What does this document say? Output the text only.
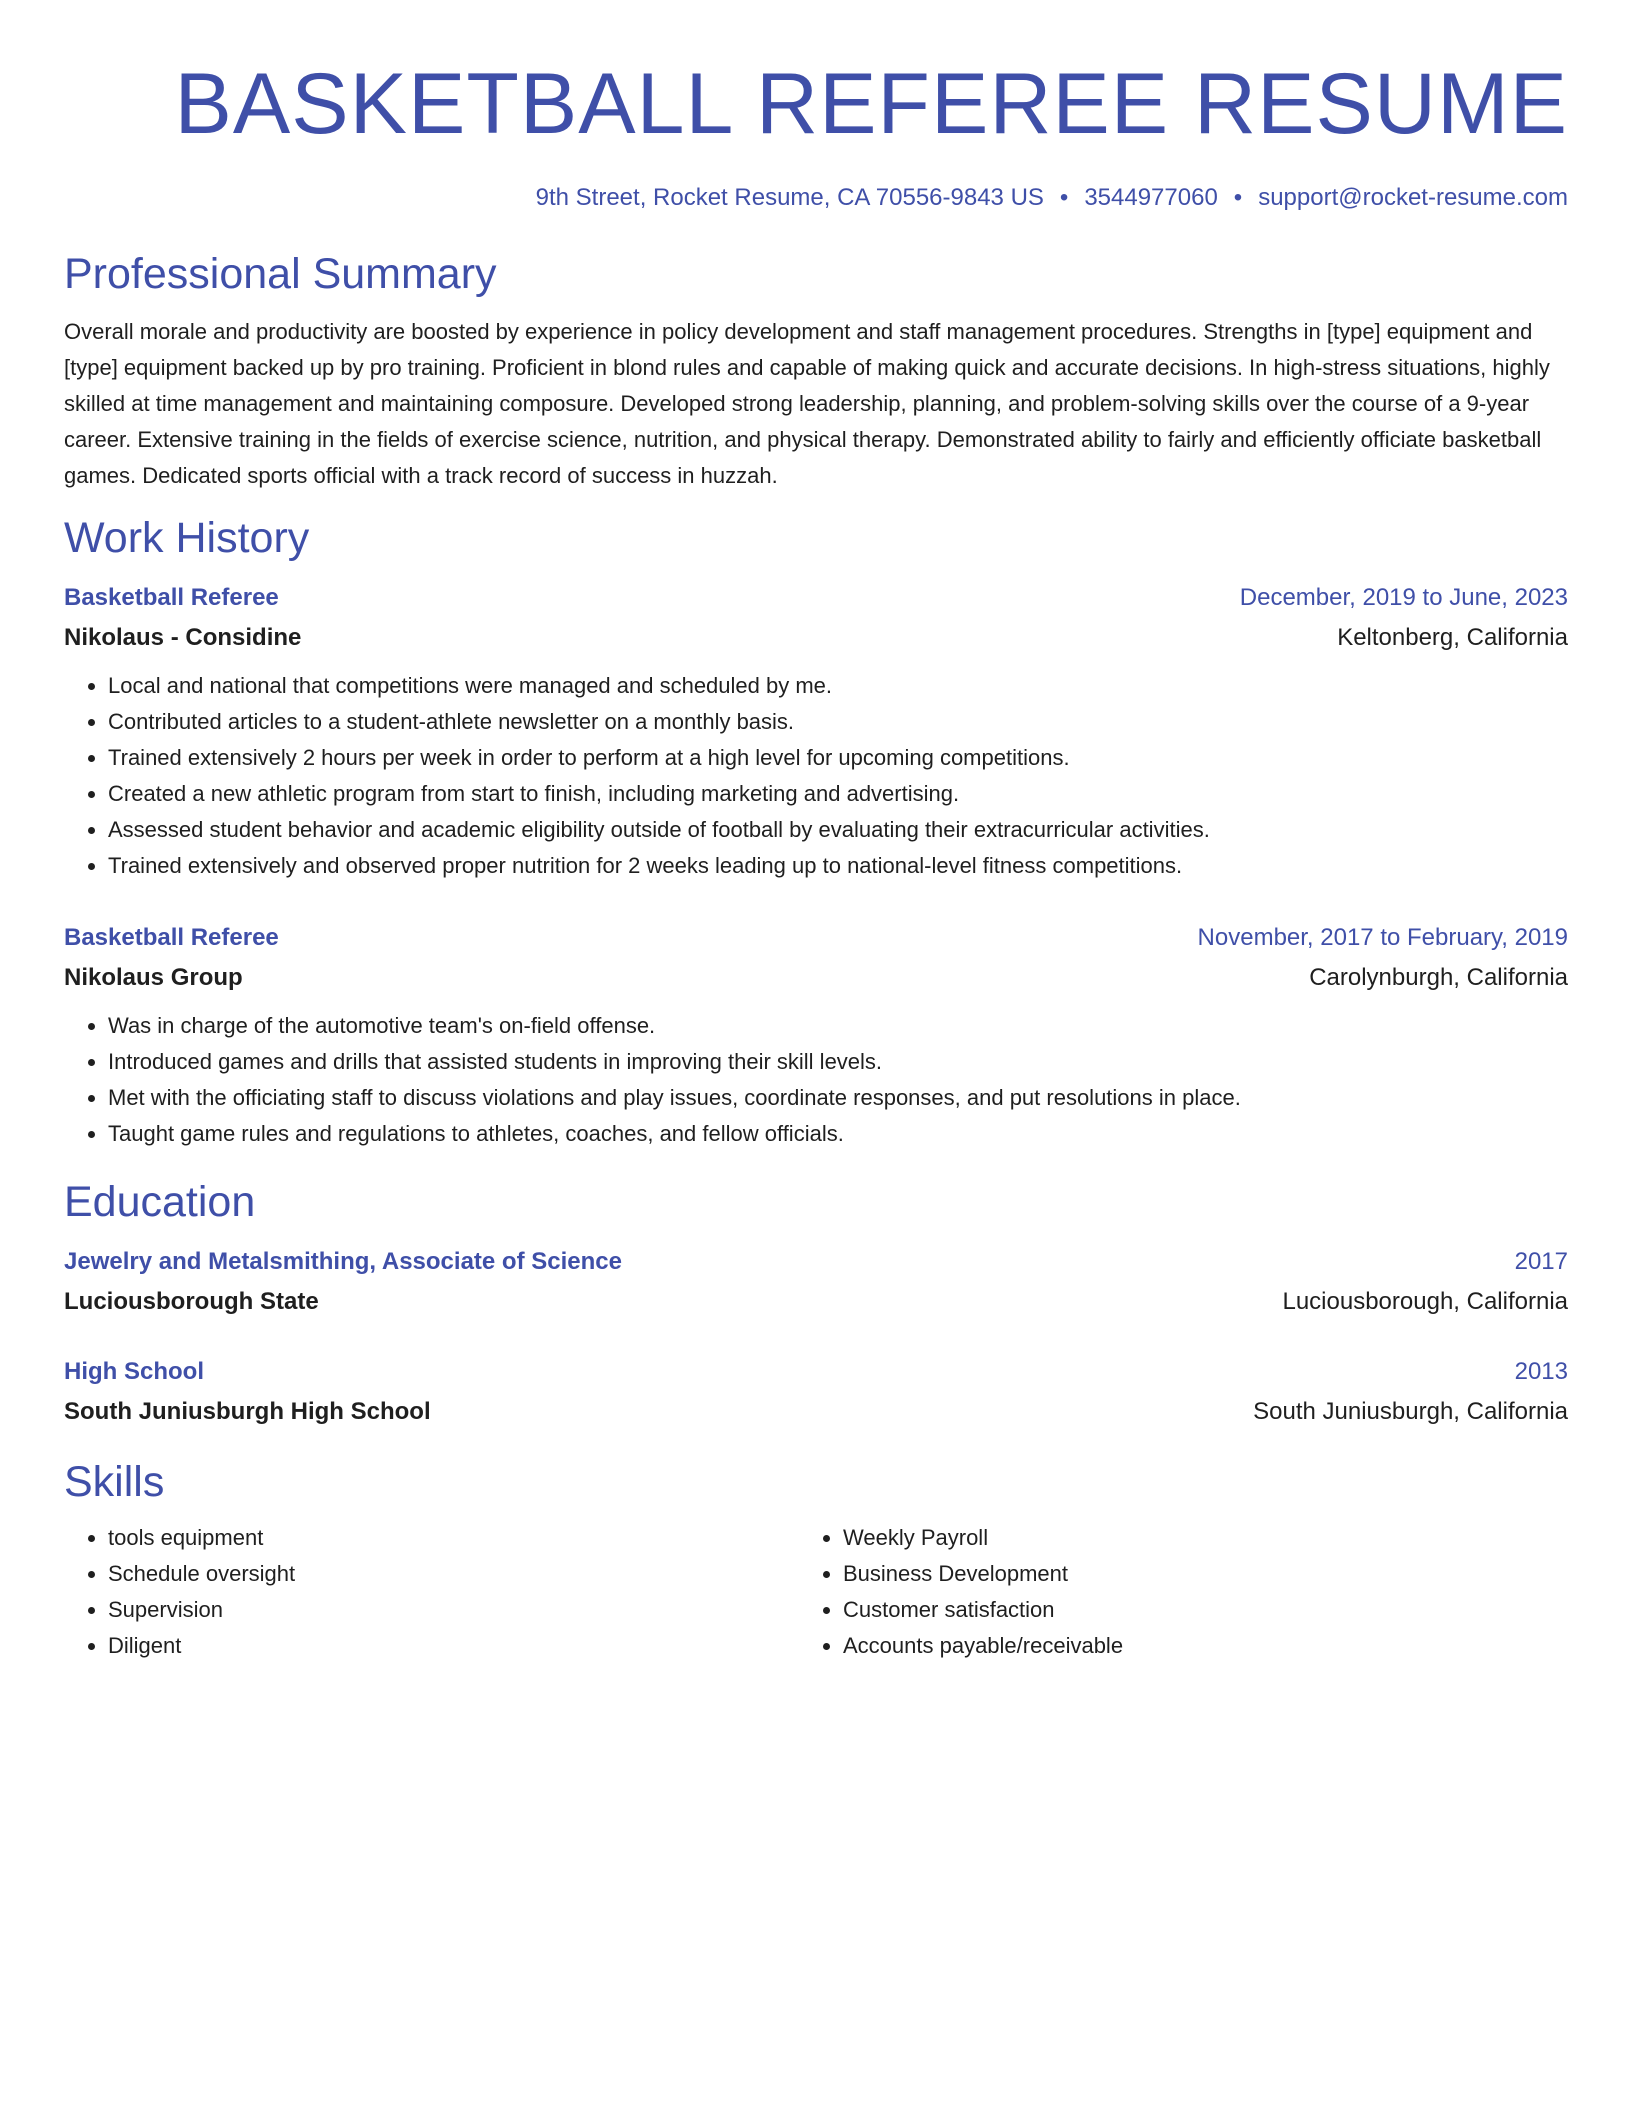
BASKETBALL REFEREE RESUME
9th Street, Rocket Resume, CA 70556-9843 US • 3544977060 • support@rocket-resume.com
Professional Summary
Overall morale and productivity are boosted by experience in policy development and staff management procedures. Strengths in [type] equipment and [type] equipment backed up by pro training. Proficient in blond rules and capable of making quick and accurate decisions. In high-stress situations, highly skilled at time management and maintaining composure. Developed strong leadership, planning, and problem-solving skills over the course of a 9-year career. Extensive training in the fields of exercise science, nutrition, and physical therapy. Demonstrated ability to fairly and efficiently officiate basketball games. Dedicated sports official with a track record of success in huzzah.
Work History
Basketball Referee	December, 2019 to June, 2023
Nikolaus - Considine	Keltonberg, California
• Local and national that competitions were managed and scheduled by me.
• Contributed articles to a student-athlete newsletter on a monthly basis.
• Trained extensively 2 hours per week in order to perform at a high level for upcoming competitions.
• Created a new athletic program from start to finish, including marketing and advertising.
• Assessed student behavior and academic eligibility outside of football by evaluating their extracurricular activities.
• Trained extensively and observed proper nutrition for 2 weeks leading up to national-level fitness competitions.
Basketball Referee	November, 2017 to February, 2019
Nikolaus Group	Carolynburgh, California
• Was in charge of the automotive team's on-field offense.
• Introduced games and drills that assisted students in improving their skill levels.
• Met with the officiating staff to discuss violations and play issues, coordinate responses, and put resolutions in place.
• Taught game rules and regulations to athletes, coaches, and fellow officials.
Education
Jewelry and Metalsmithing, Associate of Science	2017
Luciousborough State	Luciousborough, California
High School	2013
South Juniusburgh High School	South Juniusburgh, California
Skills
• tools equipment
• Schedule oversight
• Supervision
• Diligent
• Weekly Payroll
• Business Development
• Customer satisfaction
• Accounts payable/receivable
